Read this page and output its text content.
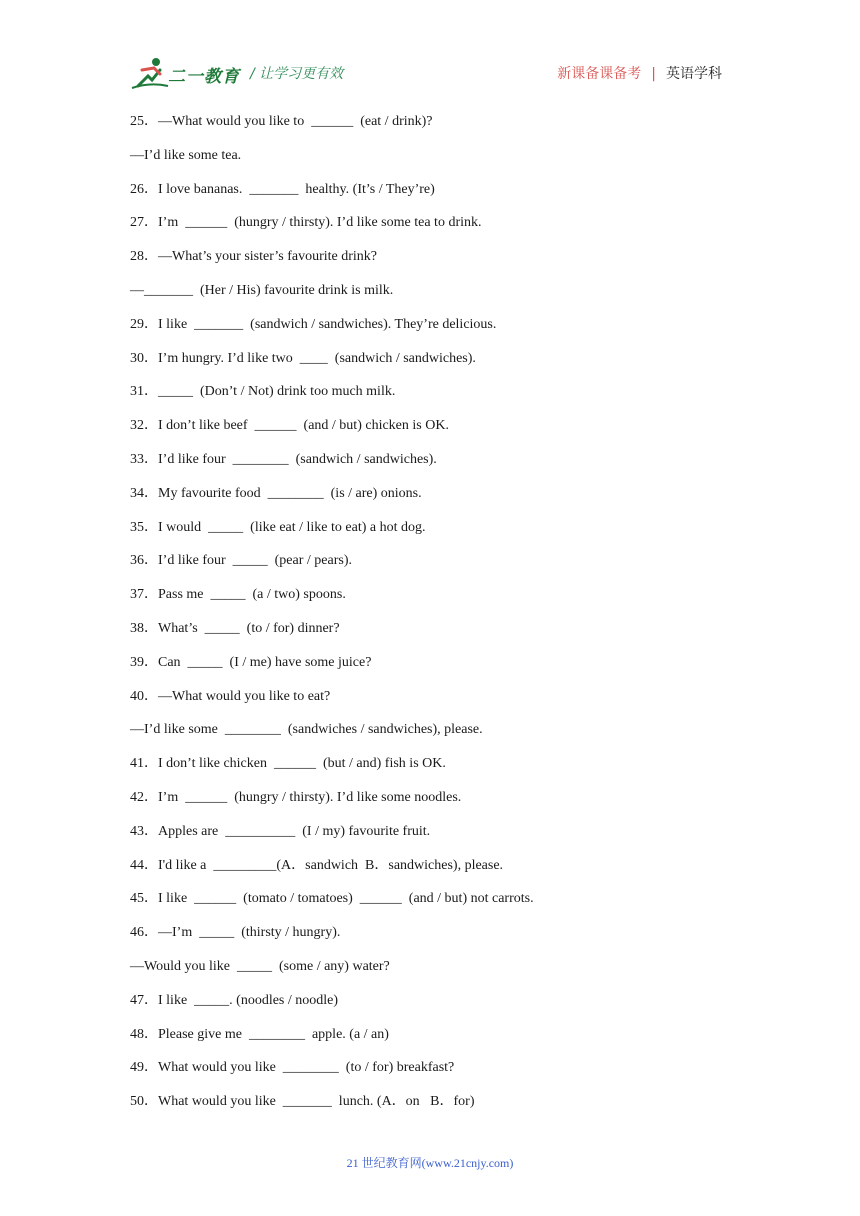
二一教育 / 让学习更有效	新课备课备考 | 英语学科
25．—What would you like to  ______  (eat / drink)?
—I’d like some tea.
26．I love bananas.  _______  healthy. (It’s / They’re)
27．I’m  ______  (hungry / thirsty). I’d like some tea to drink.
28．—What’s your sister’s favourite drink?
—_______  (Her / His) favourite drink is milk.
29．I like  _______  (sandwich / sandwiches). They’re delicious.
30．I’m hungry. I’d like two  ____  (sandwich / sandwiches).
31．_____  (Don’t / Not) drink too much milk.
32．I don’t like beef  ______  (and / but) chicken is OK.
33．I’d like four  ________  (sandwich / sandwiches).
34．My favourite food  ________  (is / are) onions.
35．I would  _____  (like eat / like to eat) a hot dog.
36．I’d like four  _____  (pear / pears).
37．Pass me  _____  (a / two) spoons.
38．What’s  _____  (to / for) dinner?
39．Can  _____  (I / me) have some juice?
40．—What would you like to eat?
—I’d like some  ________  (sandwiches / sandwiches), please.
41．I don’t like chicken  ______  (but / and) fish is OK.
42．I’m  ______  (hungry / thirsty). I’d like some noodles.
43．Apples are  __________  (I / my) favourite fruit.
44．I'd like a  _________(A．sandwich  B．sandwiches), please.
45．I like  ______  (tomato / tomatoes)  ______  (and / but) not carrots.
46．—I’m  _____  (thirsty / hungry).
—Would you like  _____  (some / any) water?
47．I like  _____. (noodles / noodle)
48．Please give me  ________  apple. (a / an)
49．What would you like  ________  (to / for) breakfast?
50．What would you like  _______  lunch. (A．on   B．for)
21 世纪教育网(www.21cnjy.com)
